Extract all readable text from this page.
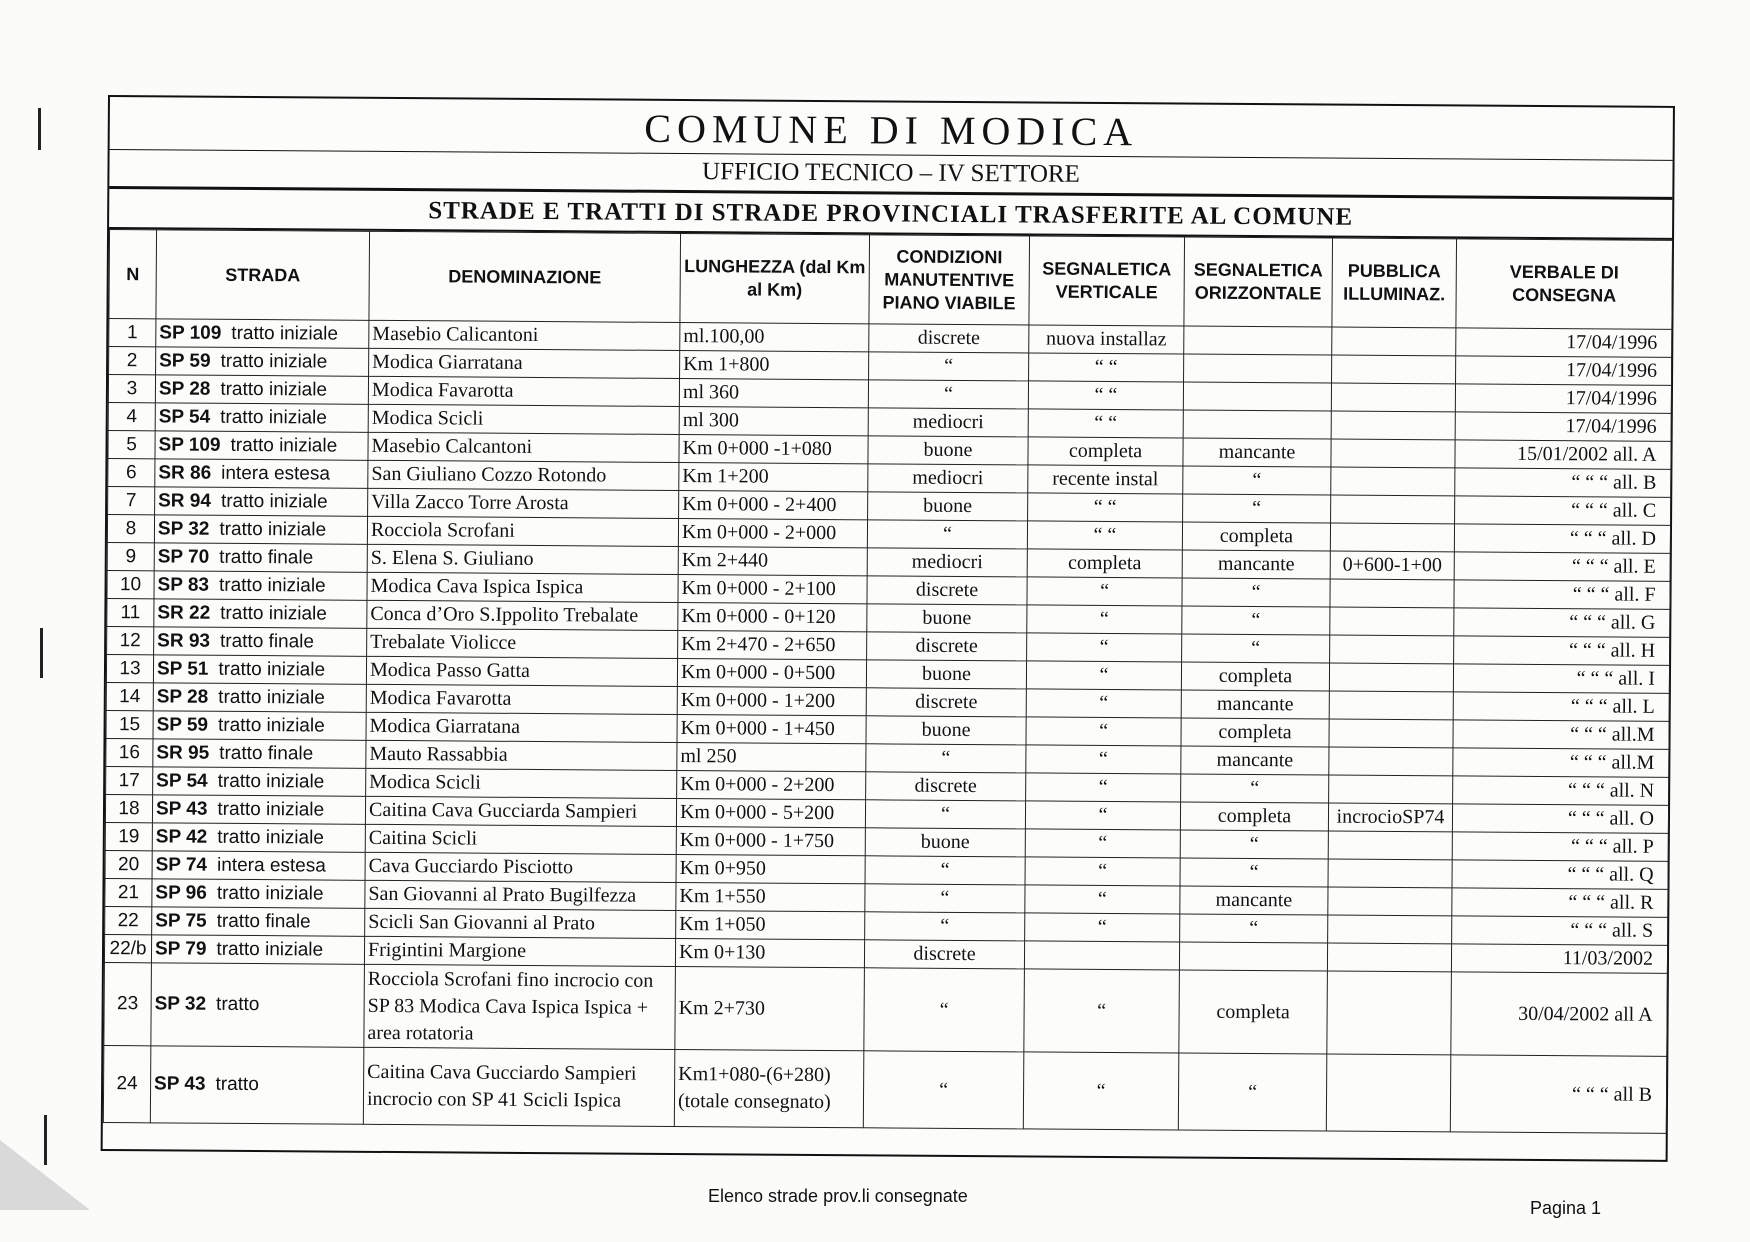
COMUNE DI MODICA
UFFICIO TECNICO – IV SETTORE
STRADE E TRATTI DI STRADE PROVINCIALI TRASFERITE AL COMUNE
N	STRADA	DENOMINAZIONE	LUNGHEZZA (dal Km al Km)	CONDIZIONI MANUTENTIVE PIANO VIABILE	SEGNALETICA VERTICALE	SEGNALETICA ORIZZONTALE	PUBBLICA ILLUMINAZ.	VERBALE DI CONSEGNA
1	SP 109 tratto iniziale	Masebio Calicantoni	ml.100,00	discrete	nuova installaz			17/04/1996
2	SP 59 tratto iniziale	Modica Giarratana	Km 1+800	“	“ “			17/04/1996
3	SP 28 tratto iniziale	Modica Favarotta	ml 360	“	“ “			17/04/1996
4	SP 54 tratto iniziale	Modica Scicli	ml 300	mediocri	“ “			17/04/1996
5	SP 109 tratto iniziale	Masebio Calcantoni	Km 0+000 -1+080	buone	completa	mancante		15/01/2002 all. A
6	SR 86 intera estesa	San Giuliano Cozzo Rotondo	Km 1+200	mediocri	recente instal	“		“ “ “ all. B
7	SR 94 tratto iniziale	Villa Zacco Torre Arosta	Km 0+000 - 2+400	buone	“ “	“		“ “ “ all. C
8	SP 32 tratto iniziale	Rocciola Scrofani	Km 0+000 - 2+000	“	“ “	completa		“ “ “ all. D
9	SP 70 tratto finale	S. Elena S. Giuliano	Km 2+440	mediocri	completa	mancante	0+600-1+00	“ “ “ all. E
10	SP 83 tratto iniziale	Modica Cava Ispica Ispica	Km 0+000 - 2+100	discrete	“	“		“ “ “ all. F
11	SR 22 tratto iniziale	Conca d’Oro S.Ippolito Trebalate	Km 0+000 - 0+120	buone	“	“		“ “ “ all. G
12	SR 93 tratto finale	Trebalate Violicce	Km 2+470 - 2+650	discrete	“	“		“ “ “ all. H
13	SP 51 tratto iniziale	Modica Passo Gatta	Km 0+000 - 0+500	buone	“	completa		“ “ “ all. I
14	SP 28 tratto iniziale	Modica Favarotta	Km 0+000 - 1+200	discrete	“	mancante		“ “ “ all. L
15	SP 59 tratto iniziale	Modica Giarratana	Km 0+000 - 1+450	buone	“	completa		“ “ “ all.M
16	SR 95 tratto finale	Mauto Rassabbia	ml 250	“	“	mancante		“ “ “ all.M
17	SP 54 tratto iniziale	Modica Scicli	Km 0+000 - 2+200	discrete	“	“		“ “ “ all. N
18	SP 43 tratto iniziale	Caitina Cava Gucciarda Sampieri	Km 0+000 - 5+200	“	“	completa	incrocioSP74	“ “ “ all. O
19	SP 42 tratto iniziale	Caitina Scicli	Km 0+000 - 1+750	buone	“	“		“ “ “ all. P
20	SP 74 intera estesa	Cava Gucciardo Pisciotto	Km 0+950	“	“	“		“ “ “ all. Q
21	SP 96 tratto iniziale	San Giovanni al Prato Bugilfezza	Km 1+550	“	“	mancante		“ “ “ all. R
22	SP 75 tratto finale	Scicli San Giovanni al Prato	Km 1+050	“	“	“		“ “ “ all. S
22/b	SP 79 tratto iniziale	Frigintini Margione	Km 0+130	discrete				11/03/2002
23	SP 32 tratto	Rocciola Scrofani fino incrocio con SP 83 Modica Cava Ispica Ispica + area rotatoria	Km 2+730	“	“	completa		30/04/2002 all A
24	SP 43 tratto	Caitina Cava Gucciardo Sampieri incrocio con SP 41 Scicli Ispica	Km1+080-(6+280) (totale consegnato)	“	“	“		“ “ “ all B
Elenco strade prov.li consegnate
Pagina 1
